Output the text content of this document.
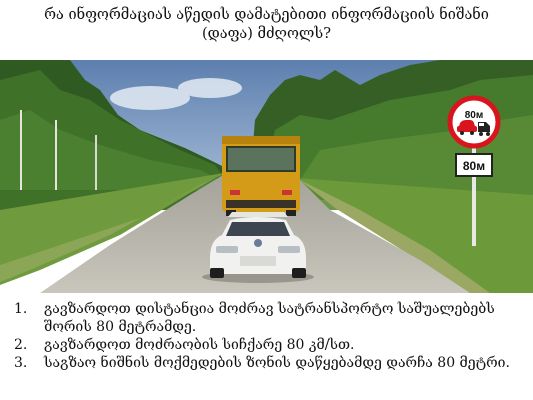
რა ინფორმაციას აწედის დამატებითი ინფორმაციის ნიშანი
(დაფა) მძღოლს?
80м
80м
1.	გავზარდოთ დისტანცია მოძრავ სატრანსპორტო საშუალებებს შორის 80 მეტრამდე.
2.	გავზარდოთ მოძრაობის სიჩქარე 80 კმ/სთ.
3.	საგზაო ნიშნის მოქმედების ზონის დაწყებამდე დარჩა 80 მეტრი.
